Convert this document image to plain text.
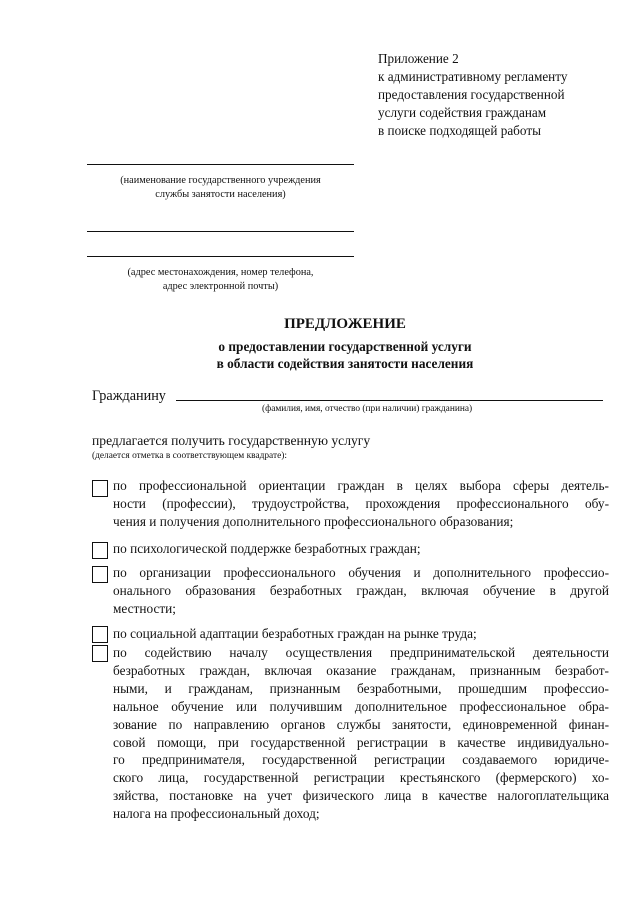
Приложение 2
к административному регламенту
предоставления государственной
услуги содействия гражданам
в поиске подходящей работы
(наименование государственного учреждения
службы занятости населения)
(адрес местонахождения, номер телефона,
адрес электронной почты)
ПРЕДЛОЖЕНИЕ
о предоставлении государственной услуги
в области содействия занятости населения
Гражданину
(фамилия, имя, отчество (при наличии) гражданина)
предлагается получить государственную услугу
(делается отметка в соответствующем квадрате):
по профессиональной ориентации граждан в целях выбора сферы деятель-
ности (профессии), трудоустройства, прохождения профессионального обу-
чения и получения дополнительного профессионального образования;
по психологической поддержке безработных граждан;
по организации профессионального обучения и дополнительного профессио-
онального образования безработных граждан, включая обучение в другой
местности;
по социальной адаптации безработных граждан на рынке труда;
по содействию началу осуществления предпринимательской деятельности
безработных граждан, включая оказание гражданам, признанным безработ-
ными, и гражданам, признанным безработными, прошедшим профессио-
нальное обучение или получившим дополнительное профессиональное обра-
зование по направлению органов службы занятости, единовременной финан-
совой помощи, при государственной регистрации в качестве индивидуально-
го предпринимателя, государственной регистрации создаваемого юридиче-
ского лица, государственной регистрации крестьянского (фермерского) хо-
зяйства, постановке на учет физического лица в качестве налогоплательщика
налога на профессиональный доход;
